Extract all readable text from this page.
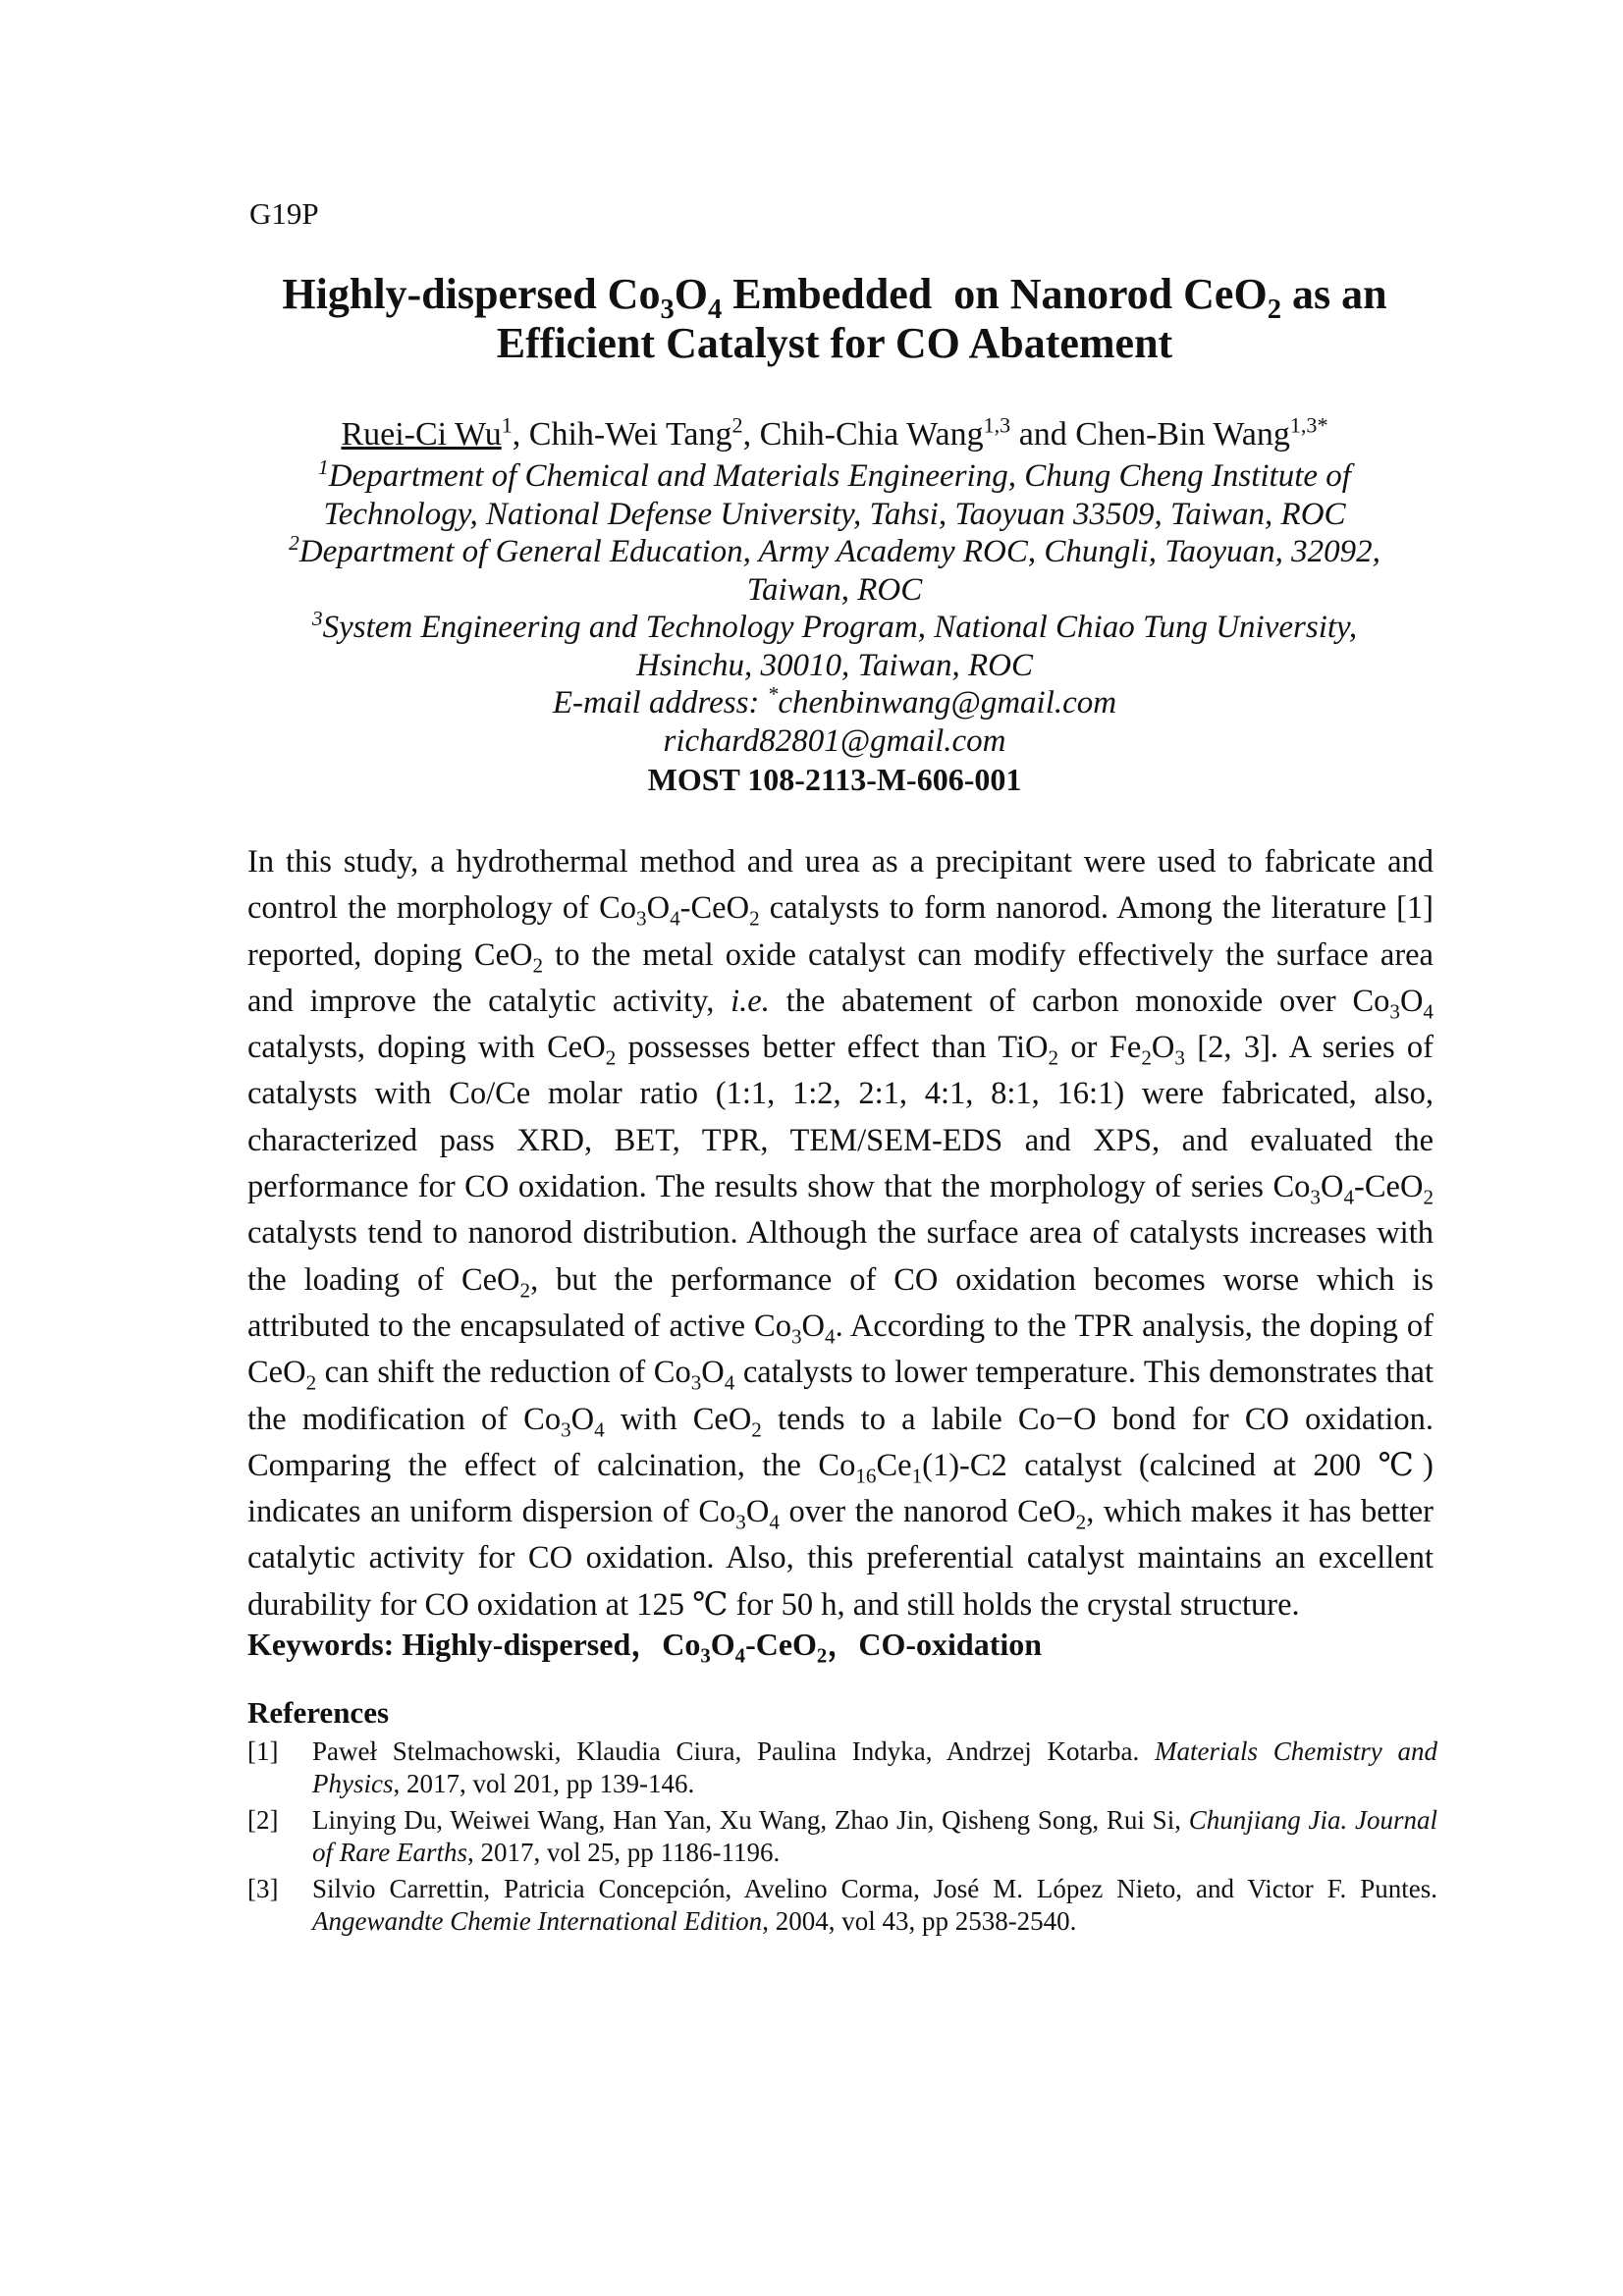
G19P
Highly-dispersed $Co_3O_4$ Embedded  on Nanorod CeO$_2$ as an
Efficient Catalyst for CO Abatement
Ruei-Ci Wu$^1$, Chih-Wei Tang$^2$, Chih-Chia Wang$^{1,3}$ and Chen-Bin Wang$^{1,3*}$
$^1$Department of Chemical and Materials Engineering, Chung Cheng Institute of
Technology, National Defense University, Tahsi, Taoyuan 33509, Taiwan, ROC
$^2$Department of General Education, Army Academy ROC, Chungli, Taoyuan, 32092,
Taiwan, ROC
$^3$System Engineering and Technology Program, National Chiao Tung University,
Hsinchu, 30010, Taiwan, ROC
E-mail address: *chenbinwang@gmail.com
richard82801@gmail.com
MOST 108-2113-M-606-001

In this study, a hydrothermal method and urea as a precipitant were used to fabricate and control the morphology of $Co_3O_4-CeO_2$ catalysts to form nanorod. Among the literature [1] reported, doping CeO$_2$ to the metal oxide catalyst can modify effectively the surface area and improve the catalytic activity, i.e. the abatement of carbon monoxide over $Co_3O_4$ catalysts, doping with CeO$_2$ possesses better effect than TiO$_2$ or $Fe_2O_3$ [2, 3]. A series of catalysts with Co/Ce molar ratio (1:1, 1:2, 2:1, 4:1, 8:1, 16:1) were fabricated, also, characterized pass XRD, BET, TPR, TEM/SEM-EDS and XPS, and evaluated the performance for CO oxidation. The results show that the morphology of series $Co_3O_4-CeO_2$ catalysts tend to nanorod distribution. Although the surface area of catalysts increases with the loading of CeO$_2$, but the performance of CO oxidation becomes worse which is attributed to the encapsulated of active $Co_3O_4$. According to the TPR analysis, the doping of CeO$_2$ can shift the reduction of $Co_3O_4$ catalysts to lower temperature. This demonstrates that the modification of $Co_3O_4$ with CeO$_2$ tends to a labile Co−O bond for CO oxidation. Comparing the effect of calcination, the $Co_{16}Ce_1(1)-C2$ catalyst (calcined at 200 ℃) indicates an uniform dispersion of $Co_3O_4$ over the nanorod CeO$_2$, which makes it has better catalytic activity for CO oxidation. Also, this preferential catalyst maintains an excellent durability for CO oxidation at 125 ℃ for 50 h, and still holds the crystal structure.

Keywords: Highly-dispersed，$Co_3O_4-CeO_2$，CO-oxidation
References
[1]	Paweł Stelmachowski, Klaudia Ciura, Paulina Indyka, Andrzej Kotarba. Materials Chemistry and Physics, 2017, vol 201, pp 139-146.
[2]	Linying Du, Weiwei Wang, Han Yan, Xu Wang, Zhao Jin, Qisheng Song, Rui Si, Chunjiang Jia. Journal of Rare Earths, 2017, vol 25, pp 1186-1196.
[3]	Silvio Carrettin, Patricia Concepción, Avelino Corma, José M. López Nieto, and Victor F. Puntes. Angewandte Chemie International Edition, 2004, vol 43, pp 2538-2540.
